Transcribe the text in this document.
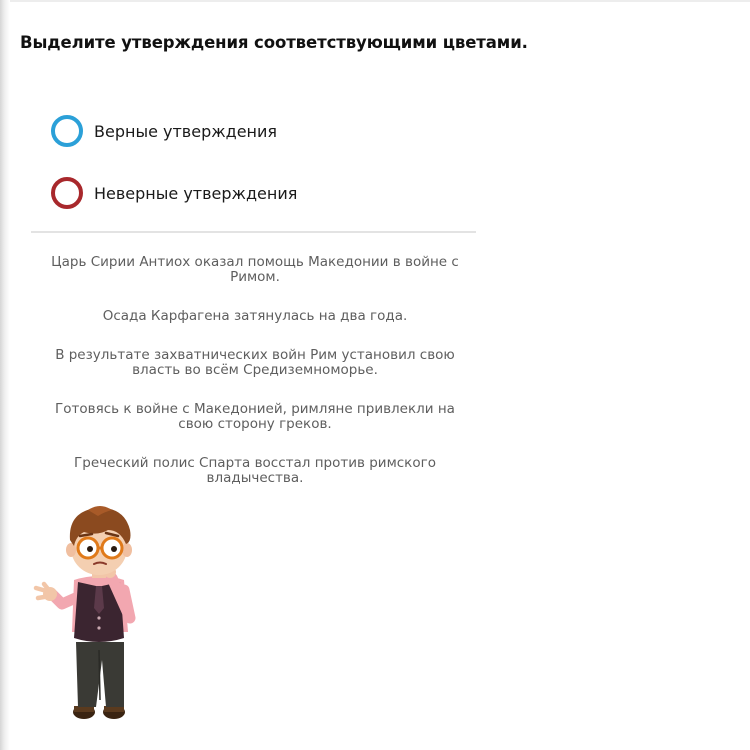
Выделите утверждения соответствующими цветами.
Верные утверждения
Неверные утверждения
Царь Сирии Антиох оказал помощь Македонии в войне с Римом.
Осада Карфагена затянулась на два года.
В результате захватнических войн Рим установил свою власть во всём Средиземноморье.
Готовясь к войне с Македонией, римляне привлекли на свою сторону греков.
Греческий полис Спарта восстал против римского владычества.
